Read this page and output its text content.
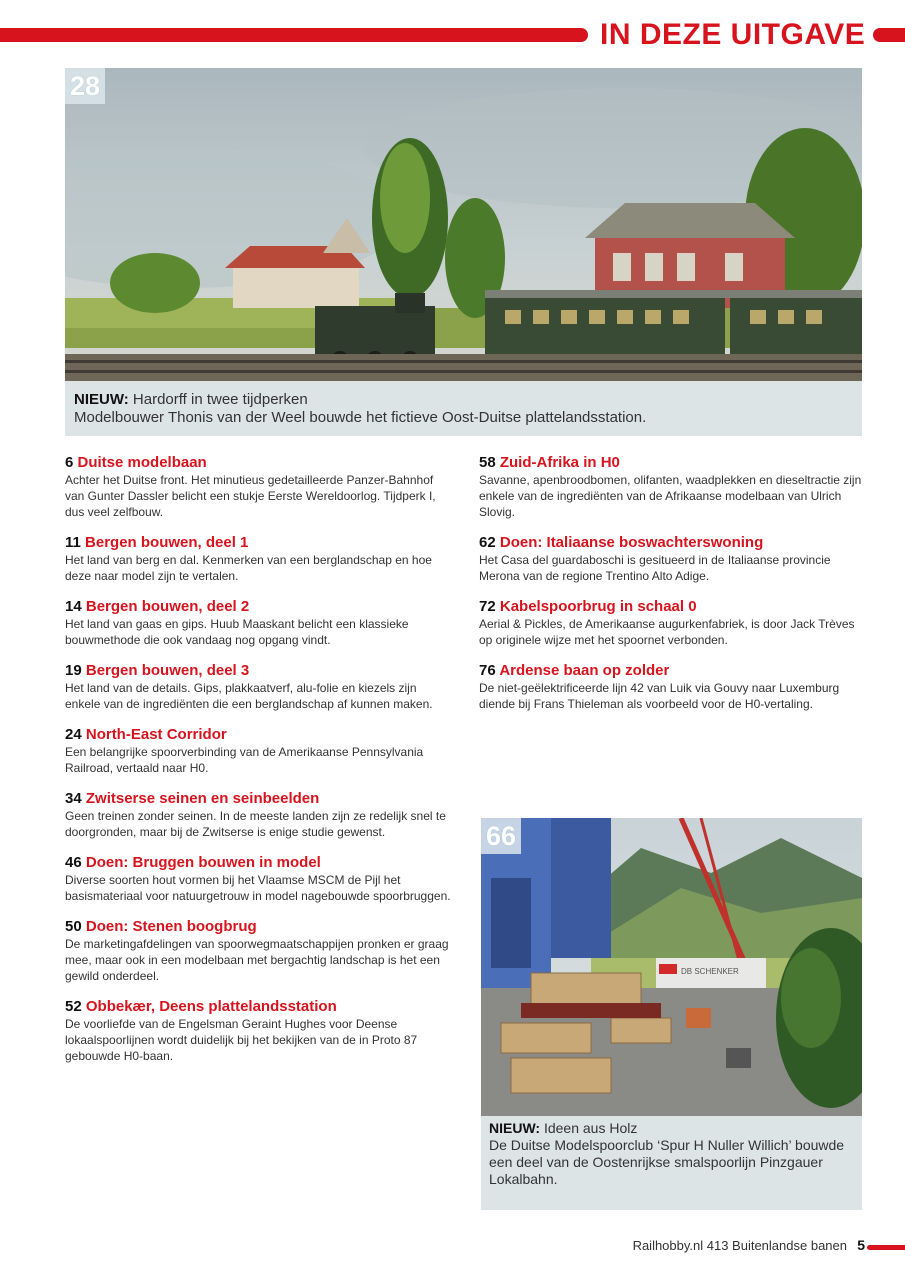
IN DEZE UITGAVE
28
NIEUW: Hardorff in twee tijdperken
Modelbouwer Thonis van der Weel bouwde het fictieve Oost-Duitse plattelandsstation.
6 Duitse modelbaan
Achter het Duitse front. Het minutieus gedetailleerde Panzer-Bahnhof van Gunter Dassler belicht een stukje Eerste Wereldoorlog. Tijdperk I, dus veel zelfbouw.
11 Bergen bouwen, deel 1
Het land van berg en dal. Kenmerken van een berglandschap en hoe deze naar model zijn te vertalen.
14 Bergen bouwen, deel 2
Het land van gaas en gips. Huub Maaskant belicht een klassieke bouwmethode die ook vandaag nog opgang vindt.
19 Bergen bouwen, deel 3
Het land van de details. Gips, plakkaatverf, alu-folie en kiezels zijn enkele van de ingrediënten die een berglandschap af kunnen maken.
24 North-East Corridor
Een belangrijke spoorverbinding van de Amerikaanse Pennsylvania Railroad, vertaald naar H0.
34 Zwitserse seinen en seinbeelden
Geen treinen zonder seinen. In de meeste landen zijn ze redelijk snel te doorgronden, maar bij de Zwitserse is enige studie gewenst.
46 Doen: Bruggen bouwen in model
Diverse soorten hout vormen bij het Vlaamse MSCM de Pijl het basismateriaal voor natuurgetrouw in model nagebouwde spoorbruggen.
50 Doen: Stenen boogbrug
De marketingafdelingen van spoorwegmaatschappijen pronken er graag mee, maar ook in een modelbaan met bergachtig landschap is het een gewild onderdeel.
52 Obbekær, Deens plattelandsstation
De voorliefde van de Engelsman Geraint Hughes voor Deense lokaalspoorlijnen wordt duidelijk bij het bekijken van de in Proto 87 gebouwde H0-baan.
58 Zuid-Afrika in H0
Savanne, apenbroodbomen, olifanten, waadplekken en dieseltractie zijn enkele van de ingrediënten van de Afrikaanse modelbaan van Ulrich Slovig.
62 Doen: Italiaanse boswachterswoning
Het Casa del guardaboschi is gesitueerd in de Italiaanse provincie Merona van de regione Trentino Alto Adige.
72 Kabelspoorbrug in schaal 0
Aerial & Pickles, de Amerikaanse augurkenfabriek, is door Jack Trèves op originele wijze met het spoornet verbonden.
76 Ardense baan op zolder
De niet-geëlektrificeerde lijn 42 van Luik via Gouvy naar Luxemburg diende bij Frans Thieleman als voorbeeld voor de H0-vertaling.
DB SCHENKER
66
NIEUW: Ideen aus Holz
De Duitse Modelspoorclub ‘Spur H Nuller Willich’ bouwde een deel van de Oostenrijkse smalspoorlijn Pinzgauer Lokalbahn.
Railhobby.nl 413 Buitenlandse banen 5
